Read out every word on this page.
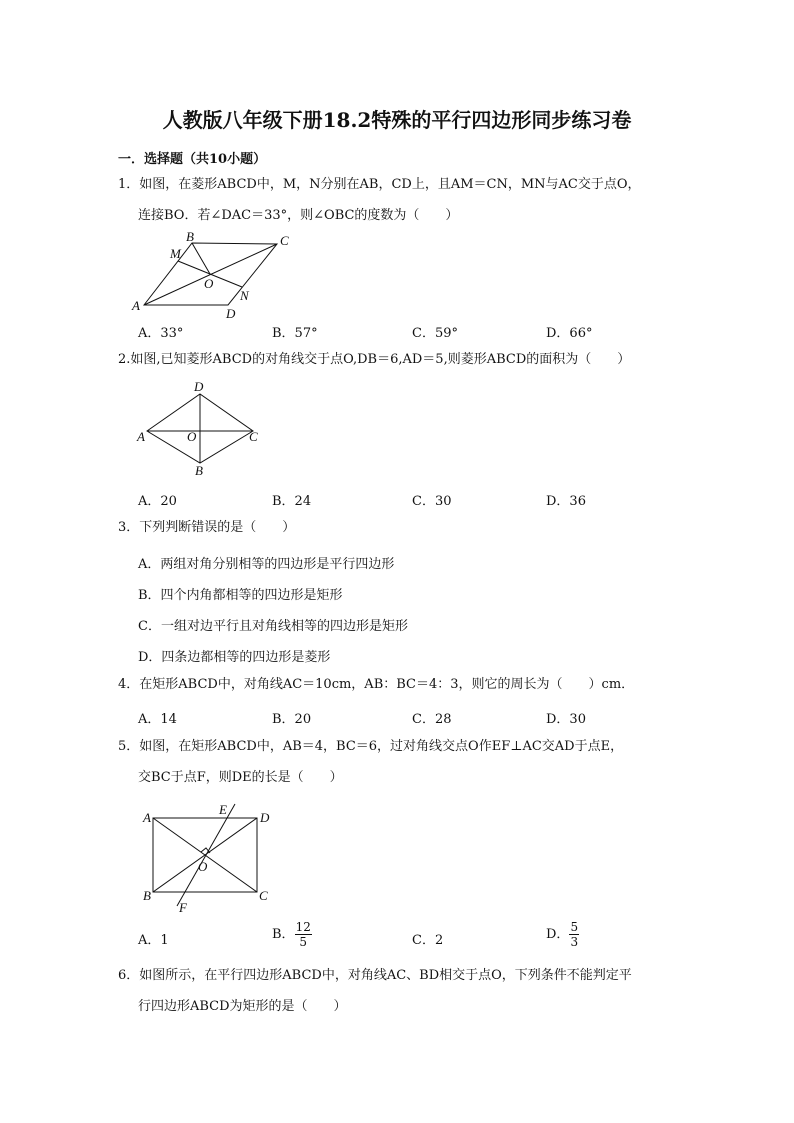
人教版八年级下册18.2特殊的平行四边形同步练习卷
一．选择题（共10小题）
1．如图，在菱形ABCD中，M，N分别在AB，CD上，且AM＝CN，MN与AC交于点O，
连接BO．若∠DAC＝33°，则∠OBC的度数为（　　）
A
B	C
D
M
N
O
A．33°	B．57°	C．59°	D．66°
2.如图,已知菱形ABCD的对角线交于点O,DB＝6,AD＝5,则菱形ABCD的面积为（　　）
A
D
C
B
O
A．20	B．24	C．30	D．36
3．下列判断错误的是（　　）
A．两组对角分别相等的四边形是平行四边形
B．四个内角都相等的四边形是矩形
C．一组对边平行且对角线相等的四边形是矩形
D．四条边都相等的四边形是菱形
4．在矩形ABCD中，对角线AC＝10cm，AB：BC＝4：3，则它的周长为（　　）cm．
A．14	B．20	C．28	D．30
5．如图，在矩形ABCD中，AB＝4，BC＝6，过对角线交点O作EF⊥AC交AD于点E，
交BC于点F，则DE的长是（　　）
A
B	C
D
E
F
O
A．1	B． $\frac{12}{5}$	C．2	D． $\frac{5}{3}$
6．如图所示，在平行四边形ABCD中，对角线AC、BD相交于点O，下列条件不能判定平
行四边形ABCD为矩形的是（　　）
